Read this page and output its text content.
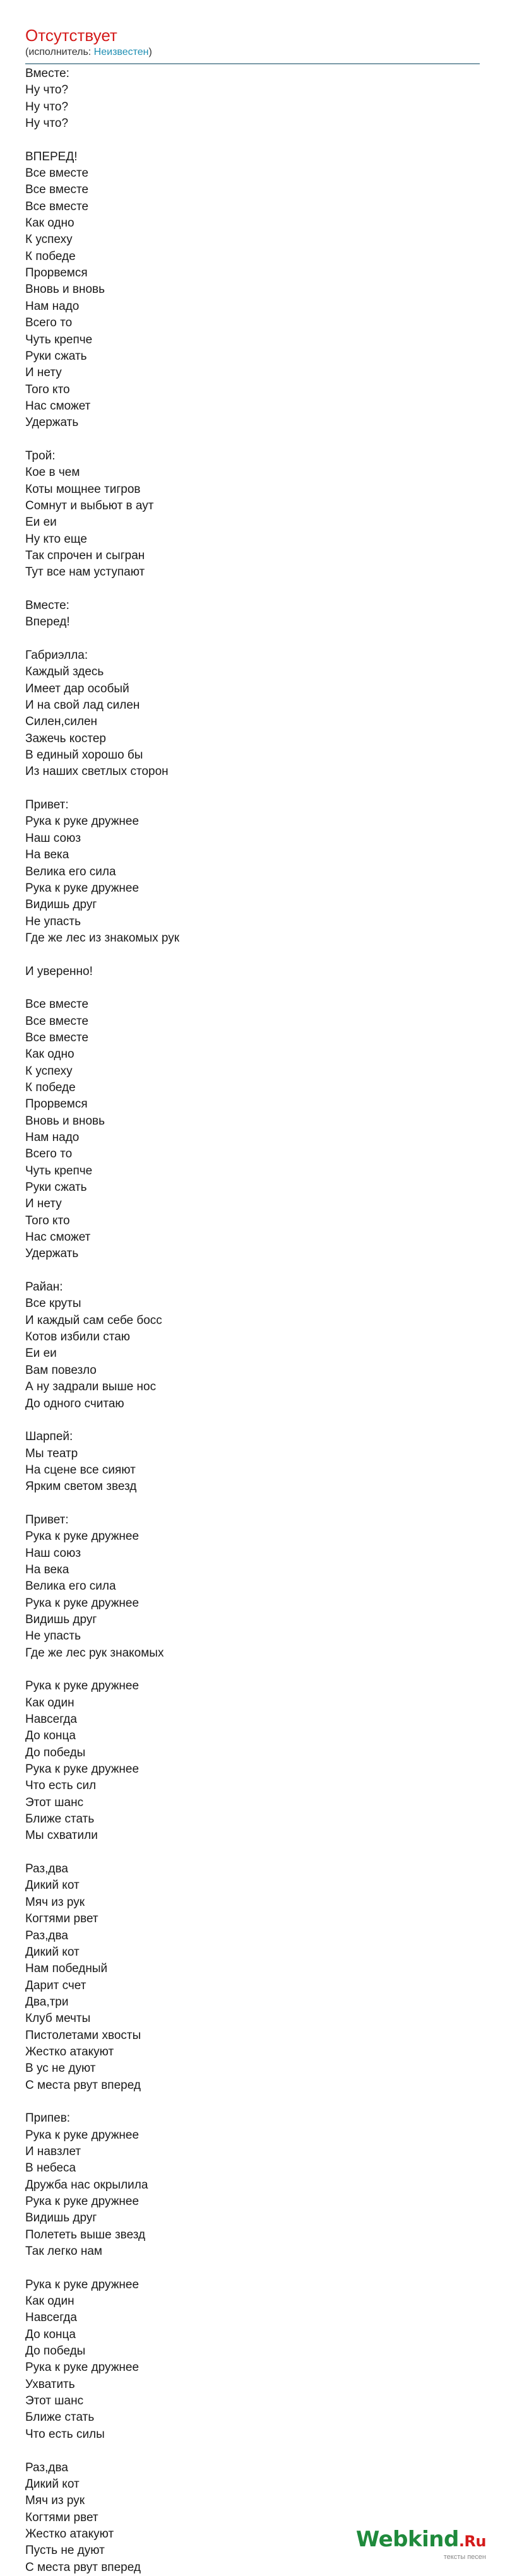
Отсутствует

(исполнитель: Неизвестен)

Вместе:
Ну что?
Ну что?
Ну что?
ВПЕРЕД!
Все вместе
Все вместе
Все вместе
Как одно
К успеху
К победе
Прорвемся
Вновь и вновь
Нам надо
Всего то
Чуть крепче
Руки сжать
И нету
Того кто
Нас сможет
Удержать
Трой:
Кое в чем
Коты мощнее тигров
Сомнут и выбьют в аут
Еи еи
Ну кто еще
Так спрочен и сыгран
Тут все нам уступают
Вместе:
Вперед!
Габриэлла:
Каждый здесь
Имеет дар особый
И на свой лад силен
Силен,силен
Зажечь костер
В единый хорошо бы
Из наших светлых сторон
Привет:
Рука к руке дружнее
Наш союз
На века
Велика его сила
Рука к руке дружнее
Видишь друг
Не упасть
Где же лес из знакомых рук
И уверенно!
Все вместе
Все вместе
Все вместе
Как одно
К успеху
К победе
Прорвемся
Вновь и вновь
Нам надо
Всего то
Чуть крепче
Руки сжать
И нету
Того кто
Нас сможет
Удержать
Райан:
Все круты
И каждый сам себе босс
Котов избили стаю
Еи еи
Вам повезло
А ну задрали выше нос
До одного считаю
Шарпей:
Мы театр
На сцене все сияют
Ярким светом звезд
Привет:
Рука к руке дружнее
Наш союз
На века
Велика его сила
Рука к руке дружнее
Видишь друг
Не упасть
Где же лес рук знакомых
Рука к руке дружнее
Как один
Навсегда
До конца
До победы
Рука к руке дружнее
Что есть сил
Этот шанс
Ближе стать
Мы схватили
Раз,два
Дикий кот
Мяч из рук
Когтями рвет
Раз,два
Дикий кот
Нам победный
Дарит счет
Два,три
Клуб мечты
Пистолетами хвосты
Жестко атакуют
В ус не дуют
С места рвут вперед
Припев:
Рука к руке дружнее
И навзлет
В небеса
Дружба нас окрылила
Рука к руке дружнее
Видишь друг
Полететь выше звезд
Так легко нам
Рука к руке дружнее
Как один
Навсегда
До конца
До победы
Рука к руке дружнее
Ухватить
Этот шанс
Ближе стать
Что есть силы
Раз,два
Дикий кот
Мяч из рук
Когтями рвет
Жестко атакуют
Пусть не дуют
С места рвут вперед
Webkind.Ru
тексты песен
